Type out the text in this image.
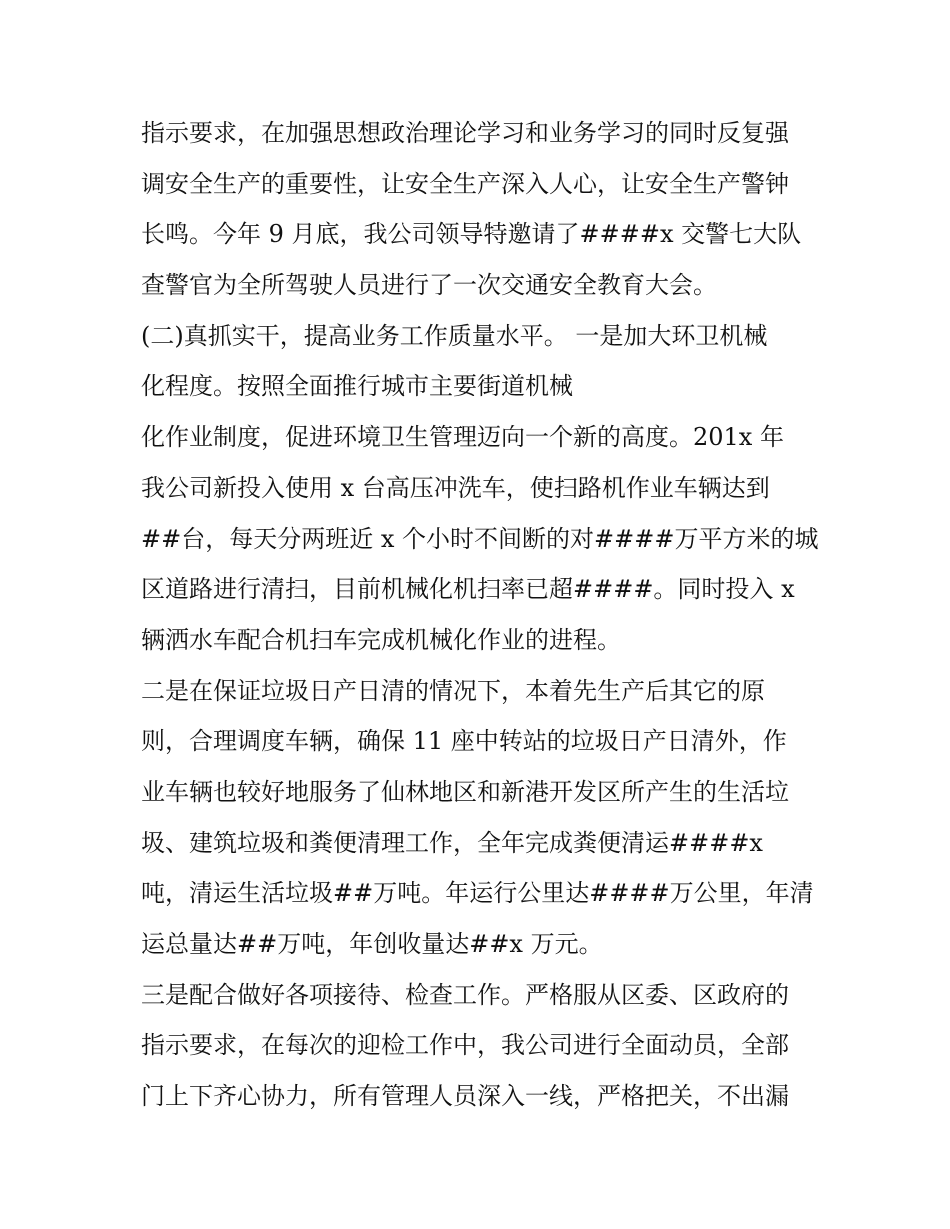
指示要求，在加强思想政治理论学习和业务学习的同时反复强
调安全生产的重要性，让安全生产深入人心，让安全生产警钟
长鸣。今年 9 月底，我公司领导特邀请了####x 交警七大队
查警官为全所驾驶人员进行了一次交通安全教育大会。
(二)真抓实干，提高业务工作质量水平。 一是加大环卫机械
化程度。按照全面推行城市主要街道机械
化作业制度，促进环境卫生管理迈向一个新的高度。201x 年
我公司新投入使用 x 台高压冲洗车，使扫路机作业车辆达到
##台，每天分两班近 x 个小时不间断的对####万平方米的城
区道路进行清扫，目前机械化机扫率已超####。同时投入 x
辆洒水车配合机扫车完成机械化作业的进程。
二是在保证垃圾日产日清的情况下，本着先生产后其它的原
则，合理调度车辆，确保 11 座中转站的垃圾日产日清外，作
业车辆也较好地服务了仙林地区和新港开发区所产生的生活垃
圾、建筑垃圾和粪便清理工作，全年完成粪便清运####x
吨，清运生活垃圾##万吨。年运行公里达####万公里，年清
运总量达##万吨，年创收量达##x 万元。
三是配合做好各项接待、检查工作。严格服从区委、区政府的
指示要求，在每次的迎检工作中，我公司进行全面动员，全部
门上下齐心协力，所有管理人员深入一线，严格把关，不出漏
